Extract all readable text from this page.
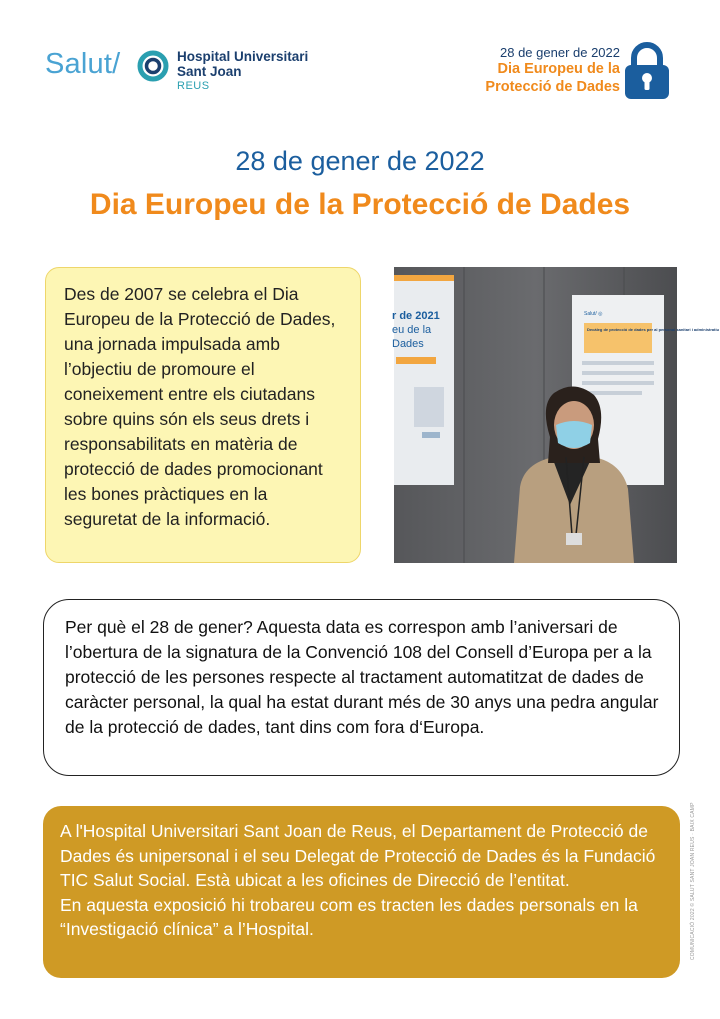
Salut/	Hospital Universitari
Sant Joan
REUS
28 de gener de 2022
Dia Europeu de la
Protecció de Dades
28 de gener de 2022
Dia Europeu de la Protecció de Dades
Des de 2007 se celebra el Dia Europeu de la Protecció de Dades, una jornada impulsada amb l’objectiu de promoure el coneixement entre els ciutadans sobre quins són els seus drets i responsabilitats en matèria de protecció de dades promocionant les bones pràctiques en la seguretat de la informació.
r de 2021
eu de la
Dades
Salut/ ◎
Decàleg de protecció de dades per al personal sanitari i administratiu
Per què el 28 de gener? Aquesta data es correspon amb l’aniversari de l’obertura de la signatura de la Convenció 108 del Consell d’Europa per a la protecció de les persones respecte al tractament automatitzat de dades de caràcter personal, la qual ha estat durant més de 30 anys una pedra angular de la protecció de dades, tant dins com fora d‘Europa.

A l'Hospital Universitari Sant Joan de Reus, el Departament de Protecció de Dades és unipersonal i el seu Delegat de Protecció de Dades és la Fundació TIC Salut Social. Està ubicat a les oficines de Direcció de l’entitat.

En aquesta exposició hi trobareu com es tracten les dades personals en la “Investigació clínica” a l’Hospital.	COMUNICACIÓ 2022 © SALUT SANT JOAN REUS · BAIX CAMP
